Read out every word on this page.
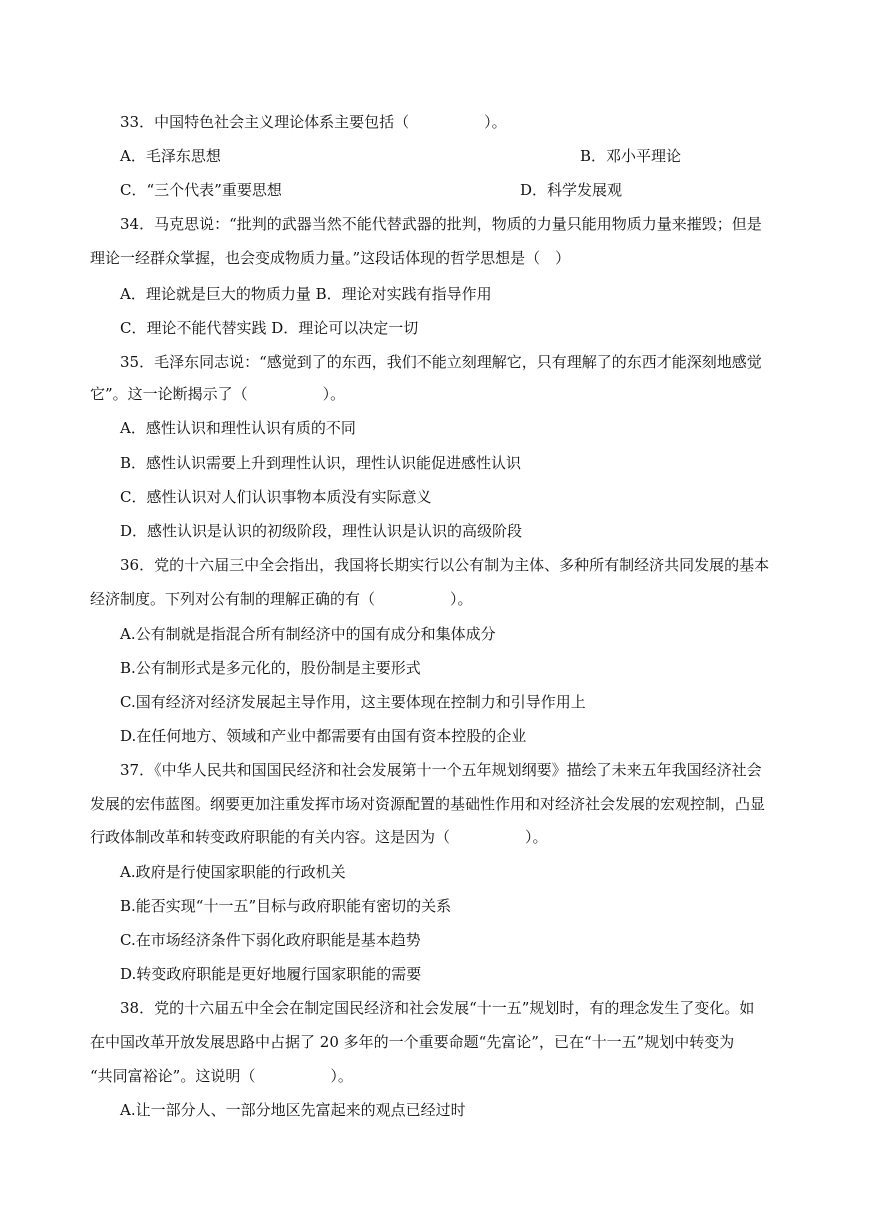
33．中国特色社会主义理论体系主要包括（　　　　　）。
A．毛泽东思想	B．邓小平理论
C．“三个代表”重要思想	D．科学发展观
34．马克思说：“批判的武器当然不能代替武器的批判，物质的力量只能用物质力量来摧毁；但是
理论一经群众掌握，也会变成物质力量。”这段话体现的哲学思想是（　）
A．理论就是巨大的物质力量 B．理论对实践有指导作用
C．理论不能代替实践 D．理论可以决定一切
35．毛泽东同志说：“感觉到了的东西，我们不能立刻理解它，只有理解了的东西才能深刻地感觉
它”。这一论断揭示了（　　　　　）。
A．感性认识和理性认识有质的不同
B．感性认识需要上升到理性认识，理性认识能促进感性认识
C．感性认识对人们认识事物本质没有实际意义
D．感性认识是认识的初级阶段，理性认识是认识的高级阶段
36．党的十六届三中全会指出，我国将长期实行以公有制为主体、多种所有制经济共同发展的基本
经济制度。下列对公有制的理解正确的有（　　　　　）。
A.公有制就是指混合所有制经济中的国有成分和集体成分
B.公有制形式是多元化的，股份制是主要形式
C.国有经济对经济发展起主导作用，这主要体现在控制力和引导作用上
D.在任何地方、领域和产业中都需要有由国有资本控股的企业
37．《中华人民共和国国民经济和社会发展第十一个五年规划纲要》描绘了未来五年我国经济社会
发展的宏伟蓝图。纲要更加注重发挥市场对资源配置的基础性作用和对经济社会发展的宏观控制，凸显
行政体制改革和转变政府职能的有关内容。这是因为（　　　　　）。
A.政府是行使国家职能的行政机关
B.能否实现“十一五”目标与政府职能有密切的关系
C.在市场经济条件下弱化政府职能是基本趋势
D.转变政府职能是更好地履行国家职能的需要
38．党的十六届五中全会在制定国民经济和社会发展“十一五”规划时，有的理念发生了变化。如
在中国改革开放发展思路中占据了 20 多年的一个重要命题“先富论”，已在“十一五”规划中转变为
“共同富裕论”。这说明（　　　　　）。
A.让一部分人、一部分地区先富起来的观点已经过时
